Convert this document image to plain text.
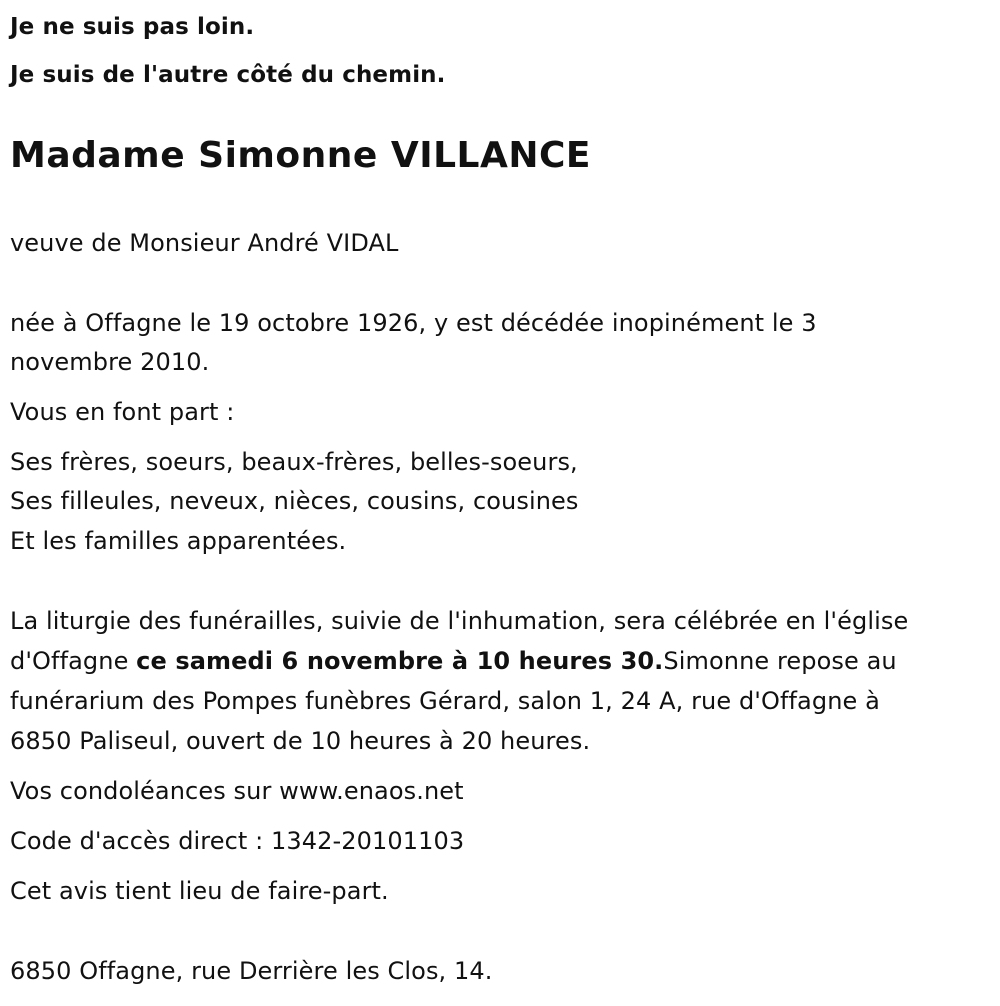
Je ne suis pas loin.
Je suis de l'autre côté du chemin.
Madame Simonne VILLANCE
veuve de Monsieur André VIDAL
née à Offagne le 19 octobre 1926, y est décédée inopinément le 3
novembre 2010.
Vous en font part :
Ses frères, soeurs, beaux-frères, belles-soeurs,
Ses filleules, neveux, nièces, cousins, cousines
Et les familles apparentées.
La liturgie des funérailles, suivie de l'inhumation, sera célébrée en l'église
d'Offagne ce samedi 6 novembre à 10 heures 30.Simonne repose au
funérarium des Pompes funèbres Gérard, salon 1, 24 A, rue d'Offagne à
6850 Paliseul, ouvert de 10 heures à 20 heures.
Vos condoléances sur www.enaos.net
Code d'accès direct : 1342-20101103
Cet avis tient lieu de faire-part.
6850 Offagne, rue Derrière les Clos, 14.
